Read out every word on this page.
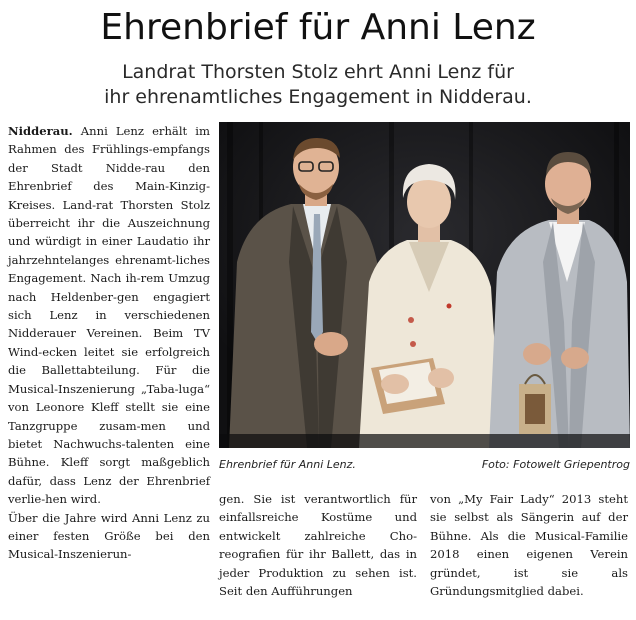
Ehrenbrief für Anni Lenz
Landrat Thorsten Stolz ehrt Anni Lenz für
ihr ehrenamtliches Engagement in Nidderau.

Nidderau. Anni Lenz erhält im Rahmen des Frühlings-empfangs der Stadt Nidde-rau den Ehrenbrief des Main-Kinzig-Kreises. Land-rat Thorsten Stolz überreicht ihr die Auszeichnung und würdigt in einer Laudatio ihr jahrzehntelanges ehrenamt-liches Engagement. Nach ih-rem Umzug nach Heldenber-gen engagiert sich Lenz in verschiedenen Nidderauer Vereinen. Beim TV Wind-ecken leitet sie erfolgreich die Ballettabteilung. Für die Musical-Inszenierung „Taba-luga“ von Leonore Kleff stellt sie eine Tanzgruppe zusam-men und bietet Nachwuchs-talenten eine Bühne. Kleff sorgt maßgeblich dafür, dass Lenz der Ehrenbrief verlie-hen wird.

Über die Jahre wird Anni Lenz zu einer festen Größe bei den Musical-Inszenierun-

Ehrenbrief für Anni Lenz.	Foto: Fotowelt Griepentrog

gen. Sie ist verantwortlich für einfallsreiche Kostüme und entwickelt zahlreiche Cho-reografien für ihr Ballett, das in jeder Produktion zu sehen ist. Seit den Aufführungen

von „My Fair Lady“ 2013 steht sie selbst als Sängerin auf der Bühne. Als die Musical-Familie 2018 einen eigenen Verein gründet, ist sie als Gründungsmitglied dabei.
